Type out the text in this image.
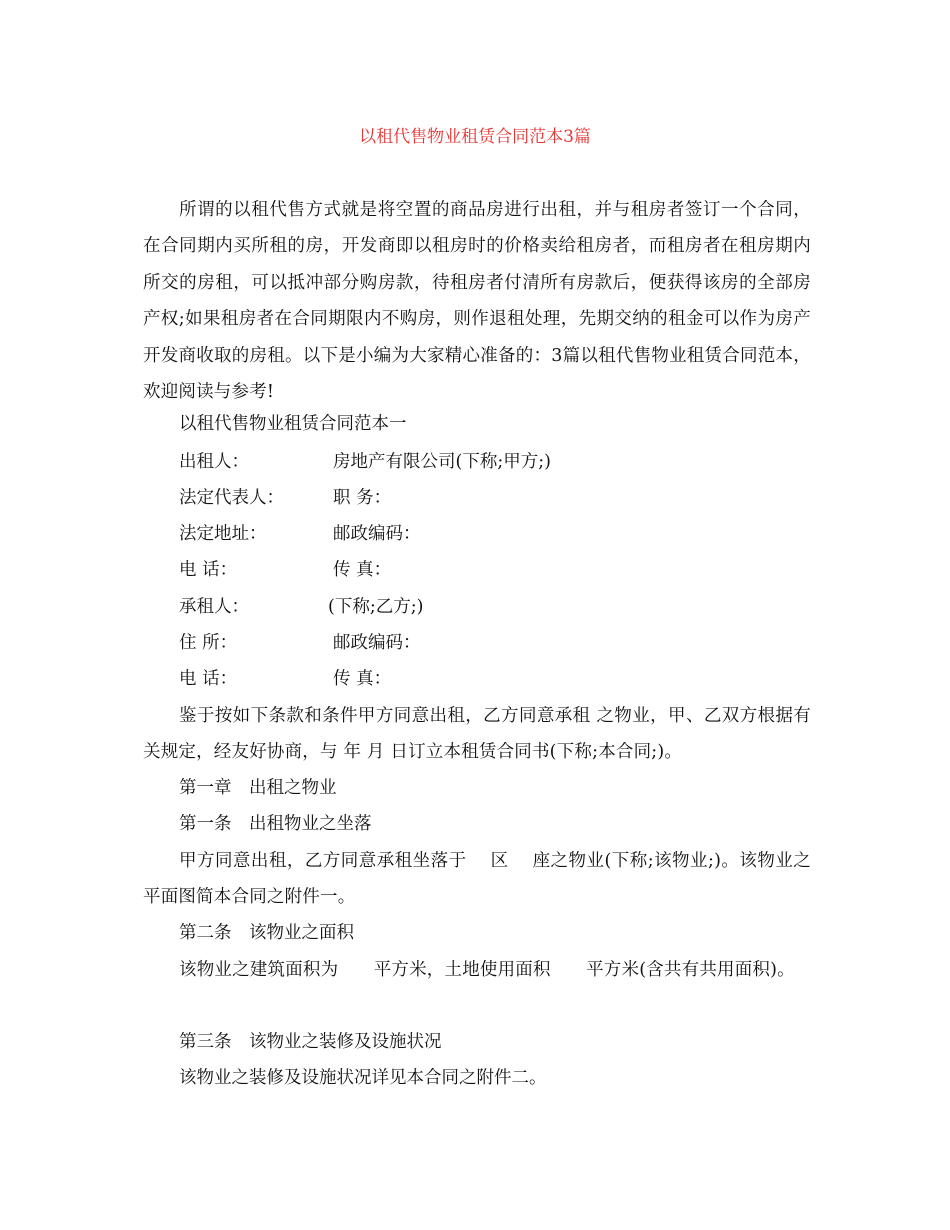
以租代售物业租赁合同范本3篇

所谓的以租代售方式就是将空置的商品房进行出租，并与租房者签订一个合同，在合同期内买所租的房，开发商即以租房时的价格卖给租房者，而租房者在租房期内所交的房租，可以抵冲部分购房款，待租房者付清所有房款后，便获得该房的全部房产权;如果租房者在合同期限内不购房，则作退租处理，先期交纳的租金可以作为房产开发商收取的房租。以下是小编为大家精心准备的：3篇以租代售物业租赁合同范本，欢迎阅读与参考!

以租代售物业租赁合同范本一
出租人：	房地产有限公司(下称;甲方;)
法定代表人：	职 务：
法定地址：	邮政编码：
电 话：	传 真：
承租人：	(下称;乙方;)
住 所：	邮政编码：
电 话：	传 真：

鉴于按如下条款和条件甲方同意出租，乙方同意承租 之物业，甲、乙双方根据有关规定，经友好协商，与 年 月 日订立本租赁合同书(下称;本合同;)。

第一章　出租之物业
第一条　出租物业之坐落

甲方同意出租，乙方同意承租坐落于　 区　 座之物业(下称;该物业;)。该物业之平面图简本合同之附件一。

第二条　该物业之面积

该物业之建筑面积为　　平方米，土地使用面积　　平方米(含共有共用面积)。

第三条　该物业之装修及设施状况
该物业之装修及设施状况详见本合同之附件二。
